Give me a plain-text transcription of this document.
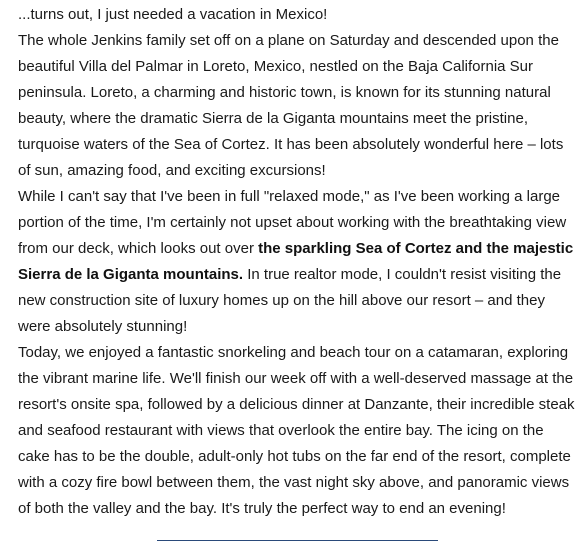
...turns out, I just needed a vacation in Mexico!

The whole Jenkins family set off on a plane on Saturday and descended upon the beautiful Villa del Palmar in Loreto, Mexico, nestled on the Baja California Sur peninsula. Loreto, a charming and historic town, is known for its stunning natural beauty, where the dramatic Sierra de la Giganta mountains meet the pristine, turquoise waters of the Sea of Cortez. It has been absolutely wonderful here – lots of sun, amazing food, and exciting excursions!

While I can't say that I've been in full "relaxed mode," as I've been working a large portion of the time, I'm certainly not upset about working with the breathtaking view from our deck, which looks out over the sparkling Sea of Cortez and the majestic Sierra de la Giganta mountains. In true realtor mode, I couldn't resist visiting the new construction site of luxury homes up on the hill above our resort – and they were absolutely stunning!

Today, we enjoyed a fantastic snorkeling and beach tour on a catamaran, exploring the vibrant marine life. We'll finish our week off with a well-deserved massage at the resort's onsite spa, followed by a delicious dinner at Danzante, their incredible steak and seafood restaurant with views that overlook the entire bay. The icing on the cake has to be the double, adult-only hot tubs on the far end of the resort, complete with a cozy fire bowl between them, the vast night sky above, and panoramic views of both the valley and the bay. It's truly the perfect way to end an evening!
